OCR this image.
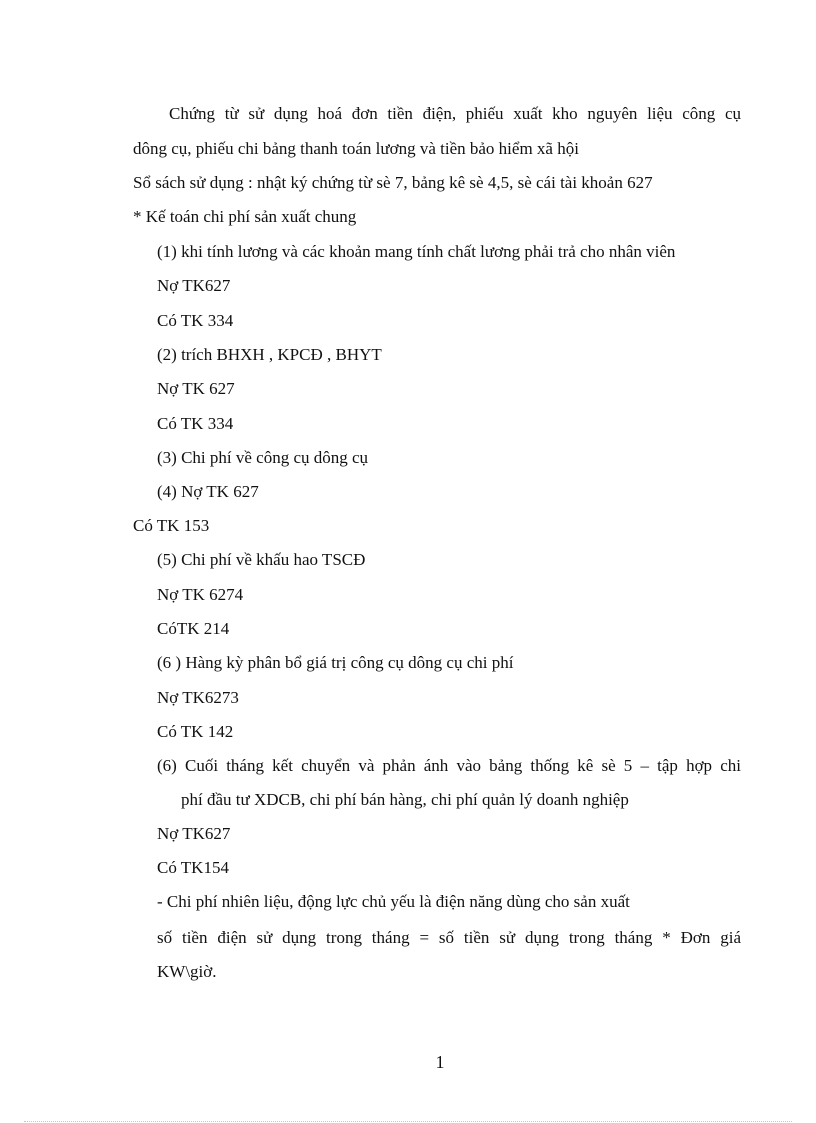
Chứng từ sử dụng hoá đơn tiền điện, phiếu xuất kho nguyên liệu công cụ
dông cụ, phiếu chi bảng thanh toán lương và tiền bảo hiểm xã hội
Sổ sách sử dụng : nhật ký chứng từ sè 7, bảng kê sè 4,5, sè cái tài khoản 627
* Kế toán chi phí sản xuất chung
(1) khi tính lương và các khoản mang tính chất lương phải trả cho nhân viên
Nợ TK627
Có TK 334
(2) trích BHXH , KPCĐ , BHYT
Nợ TK 627
Có TK 334
(3) Chi phí về công cụ dông cụ
(4) Nợ TK 627
Có TK 153
(5) Chi phí về khấu hao TSCĐ
Nợ TK 6274
CóTK 214
(6 ) Hàng kỳ phân bổ giá trị công cụ dông cụ chi phí
Nợ TK6273
Có TK 142
(6) Cuối tháng kết chuyển và phản ánh vào bảng thống kê sè 5 – tập hợp chi
phí đầu tư XDCB, chi phí bán hàng, chi phí quản lý doanh nghiệp
Nợ TK627
Có TK154
- Chi phí nhiên liệu, động lực chủ yếu là điện năng dùng cho sản xuất
số tiền điện sử dụng trong tháng = số tiền sử dụng trong tháng * Đơn giá
KW\giờ.
1
